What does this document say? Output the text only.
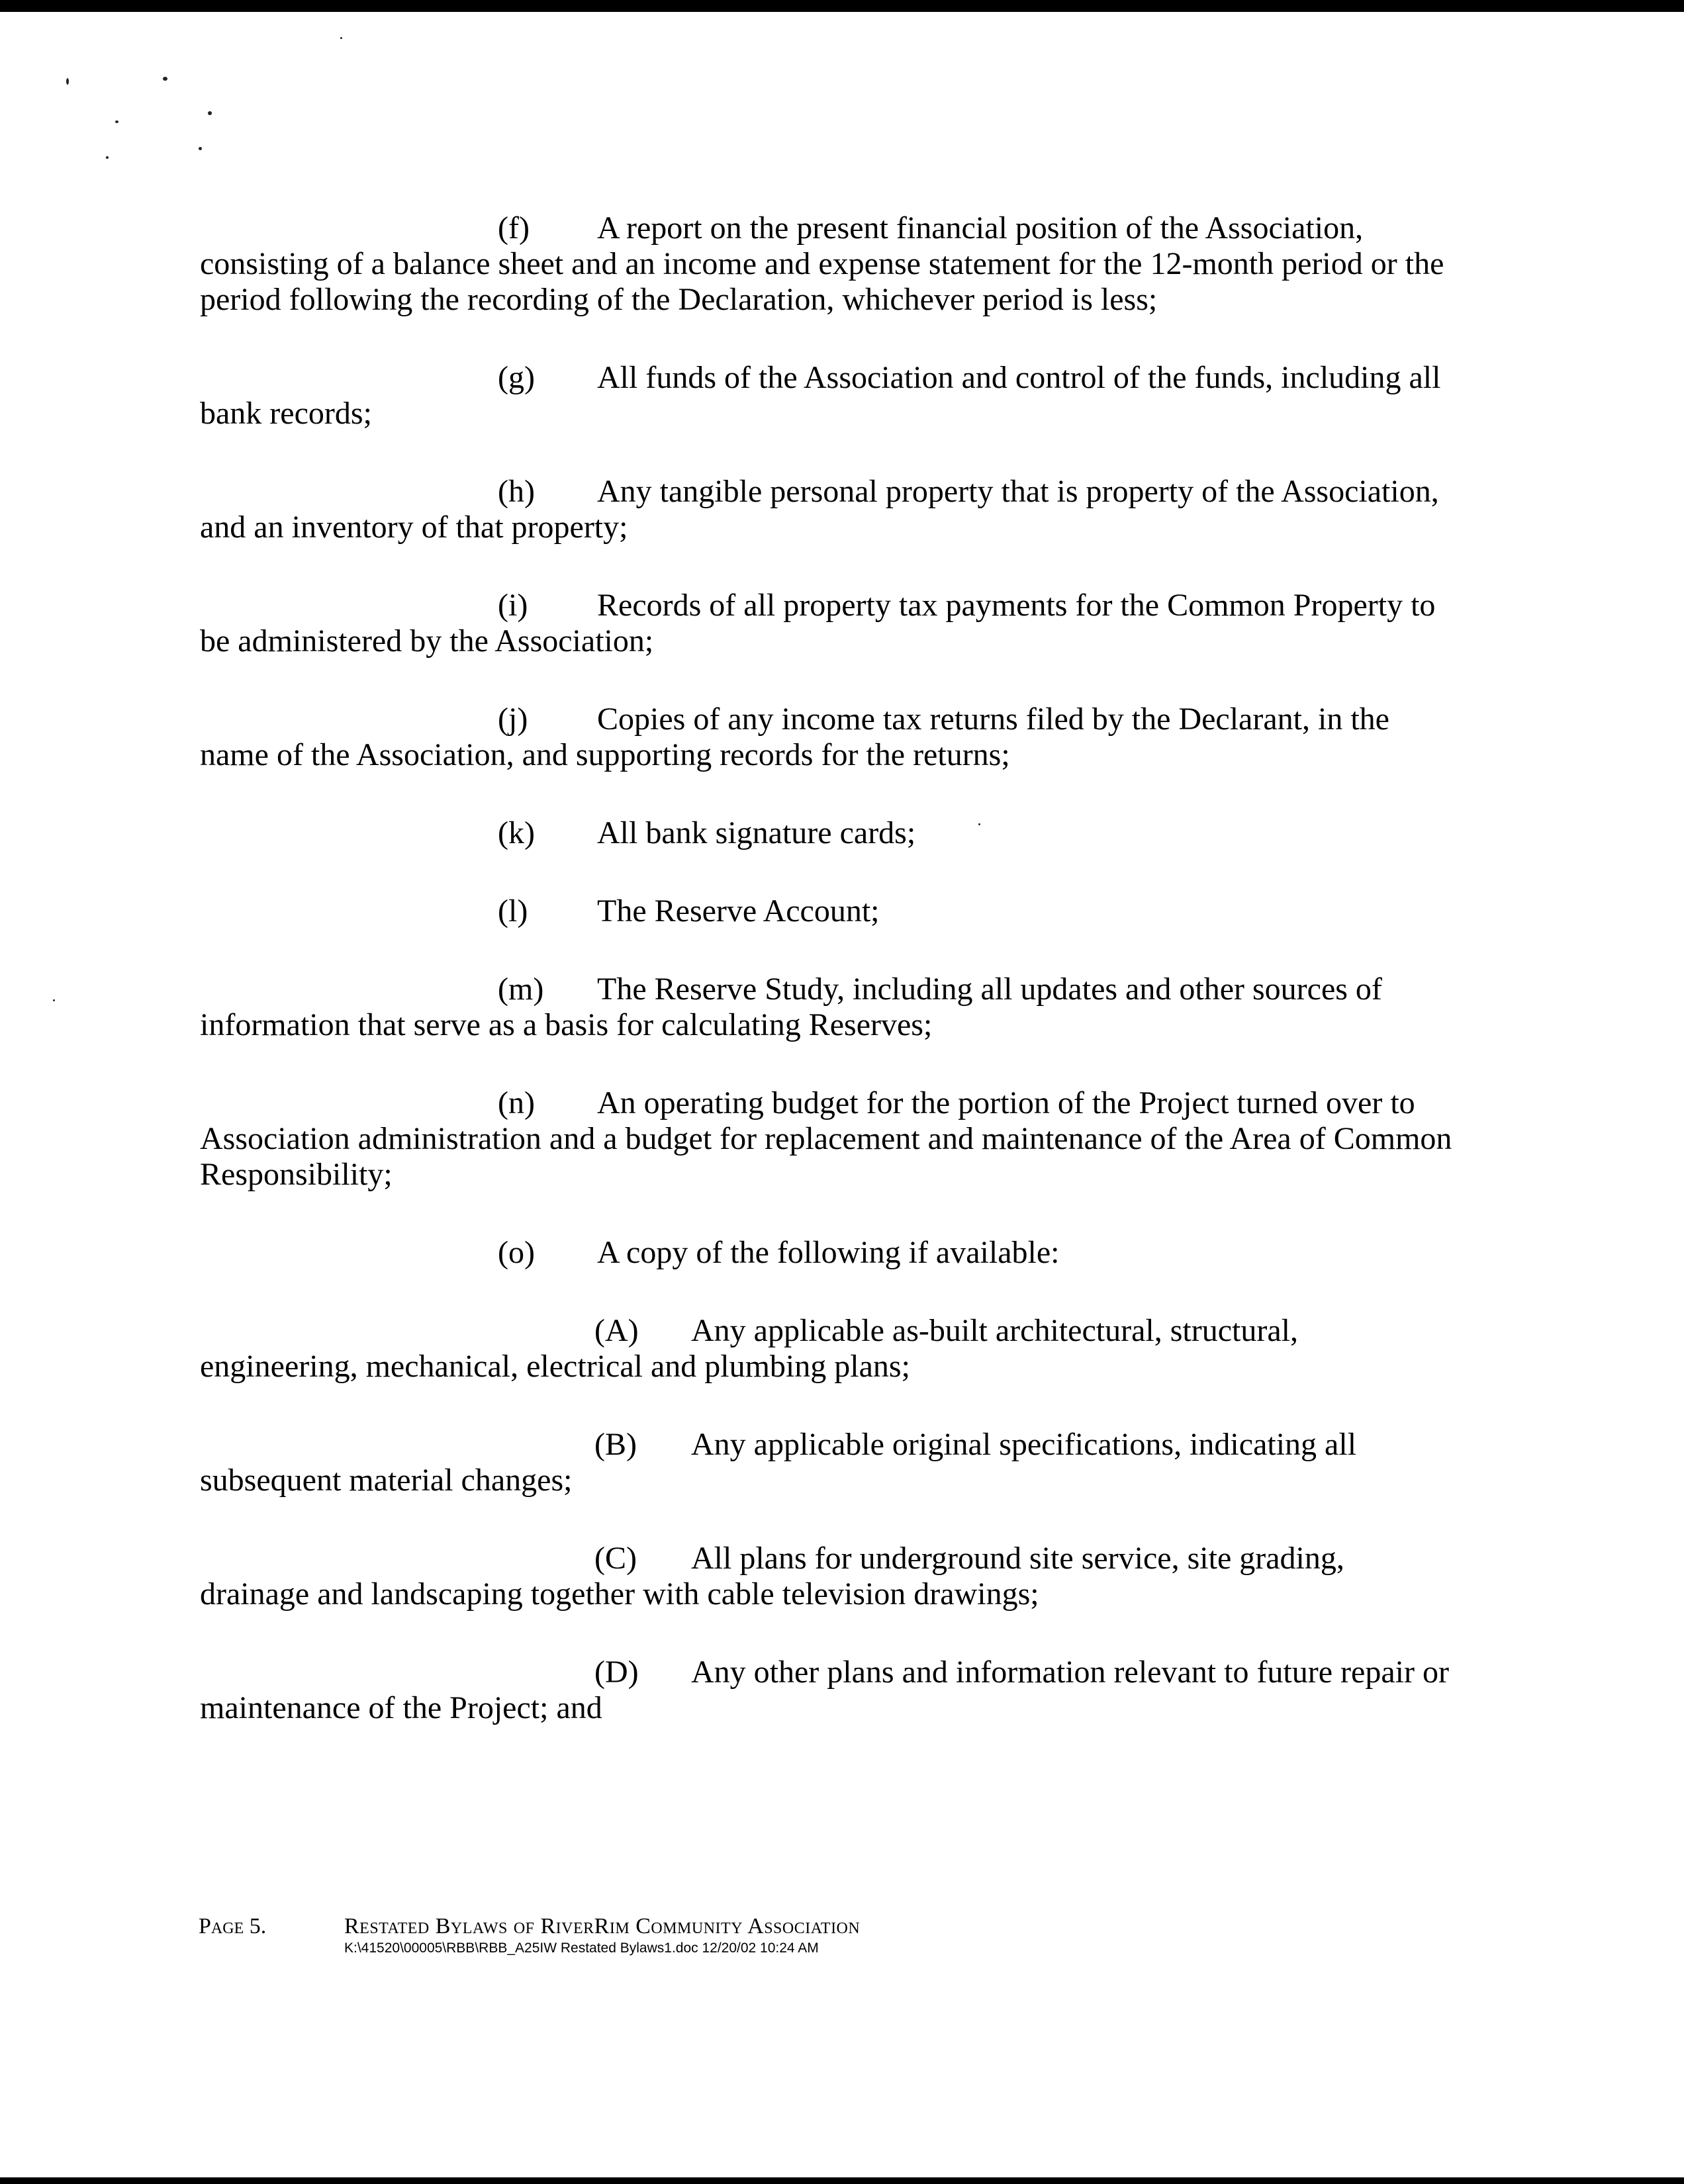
(f) A report on the present financial position of the Association,
consisting of a balance sheet and an income and expense statement for the 12-month period or the period following the recording of the Declaration, whichever period is less;
(g) All funds of the Association and control of the funds, including all
bank records;
(h) Any tangible personal property that is property of the Association,
and an inventory of that property;
(i) Records of all property tax payments for the Common Property to
be administered by the Association;
(j) Copies of any income tax returns filed by the Declarant, in the
name of the Association, and supporting records for the returns;
(k) All bank signature cards;
(l) The Reserve Account;
(m) The Reserve Study, including all updates and other sources of
information that serve as a basis for calculating Reserves;
(n) An operating budget for the portion of the Project turned over to
Association administration and a budget for replacement and maintenance of the Area of Common Responsibility;
(o) A copy of the following if available:
(A) Any applicable as-built architectural, structural,
engineering, mechanical, electrical and plumbing plans;
(B) Any applicable original specifications, indicating all
subsequent material changes;
(C) All plans for underground site service, site grading,
drainage and landscaping together with cable television drawings;
(D) Any other plans and information relevant to future repair or
maintenance of the Project; and
Page 5.	Restated Bylaws of RiverRim Community Association
K:\41520\00005\RBB\RBB_A25IW Restated Bylaws1.doc 12/20/02 10:24 AM
